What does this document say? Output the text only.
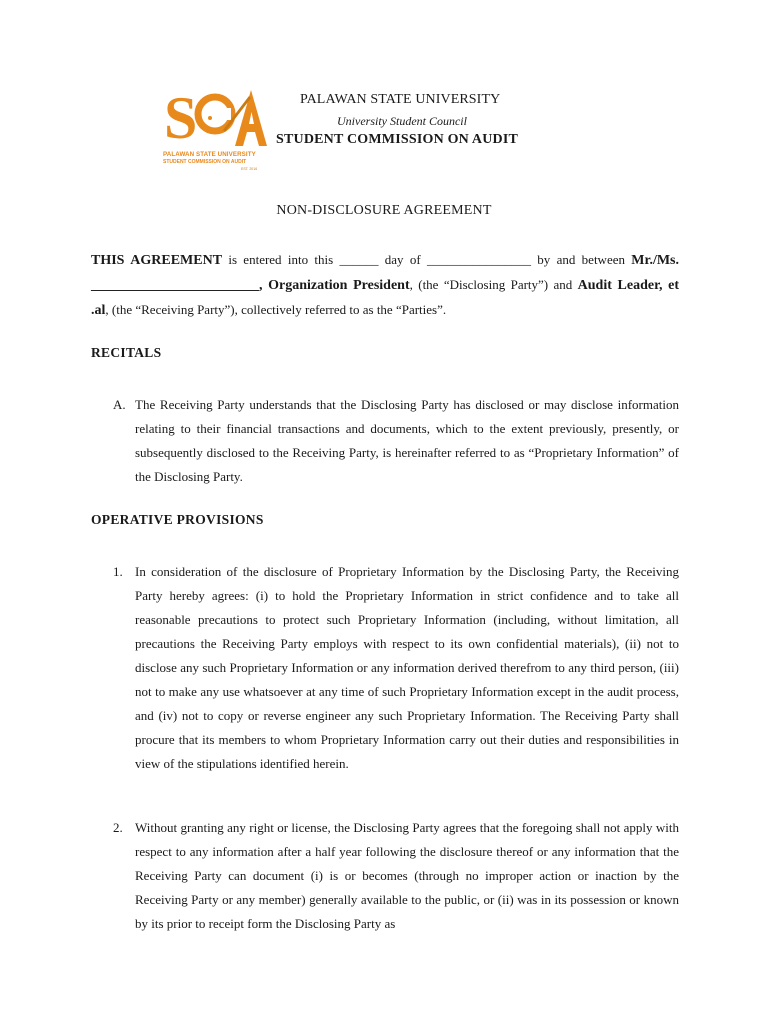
S
PALAWAN STATE UNIVERSITY
STUDENT COMMISSION ON AUDIT
EST. 2016
PALAWAN STATE UNIVERSITY
University Student Council
STUDENT COMMISSION ON AUDIT
NON-DISCLOSURE AGREEMENT
THIS AGREEMENT is entered into this ______ day of ________________ by and between Mr./Ms. ________________________, Organization President, (the “Disclosing Party”) and Audit Leader, et .al, (the “Receiving Party”), collectively referred to as the “Parties”.
RECITALS
A. The Receiving Party understands that the Disclosing Party has disclosed or may disclose information relating to their financial transactions and documents, which to the extent previously, presently, or subsequently disclosed to the Receiving Party, is hereinafter referred to as “Proprietary Information” of the Disclosing Party.
OPERATIVE PROVISIONS
1. In consideration of the disclosure of Proprietary Information by the Disclosing Party, the Receiving Party hereby agrees: (i) to hold the Proprietary Information in strict confidence and to take all reasonable precautions to protect such Proprietary Information (including, without limitation, all precautions the Receiving Party employs with respect to its own confidential materials), (ii) not to disclose any such Proprietary Information or any information derived therefrom to any third person, (iii) not to make any use whatsoever at any time of such Proprietary Information except in the audit process, and (iv) not to copy or reverse engineer any such Proprietary Information. The Receiving Party shall procure that its members to whom Proprietary Information carry out their duties and responsibilities in view of the stipulations identified herein.
2. Without granting any right or license, the Disclosing Party agrees that the foregoing shall not apply with respect to any information after a half year following the disclosure thereof or any information that the Receiving Party can document (i) is or becomes (through no improper action or inaction by the Receiving Party or any member) generally available to the public, or (ii) was in its possession or known by its prior to receipt form the Disclosing Party as
